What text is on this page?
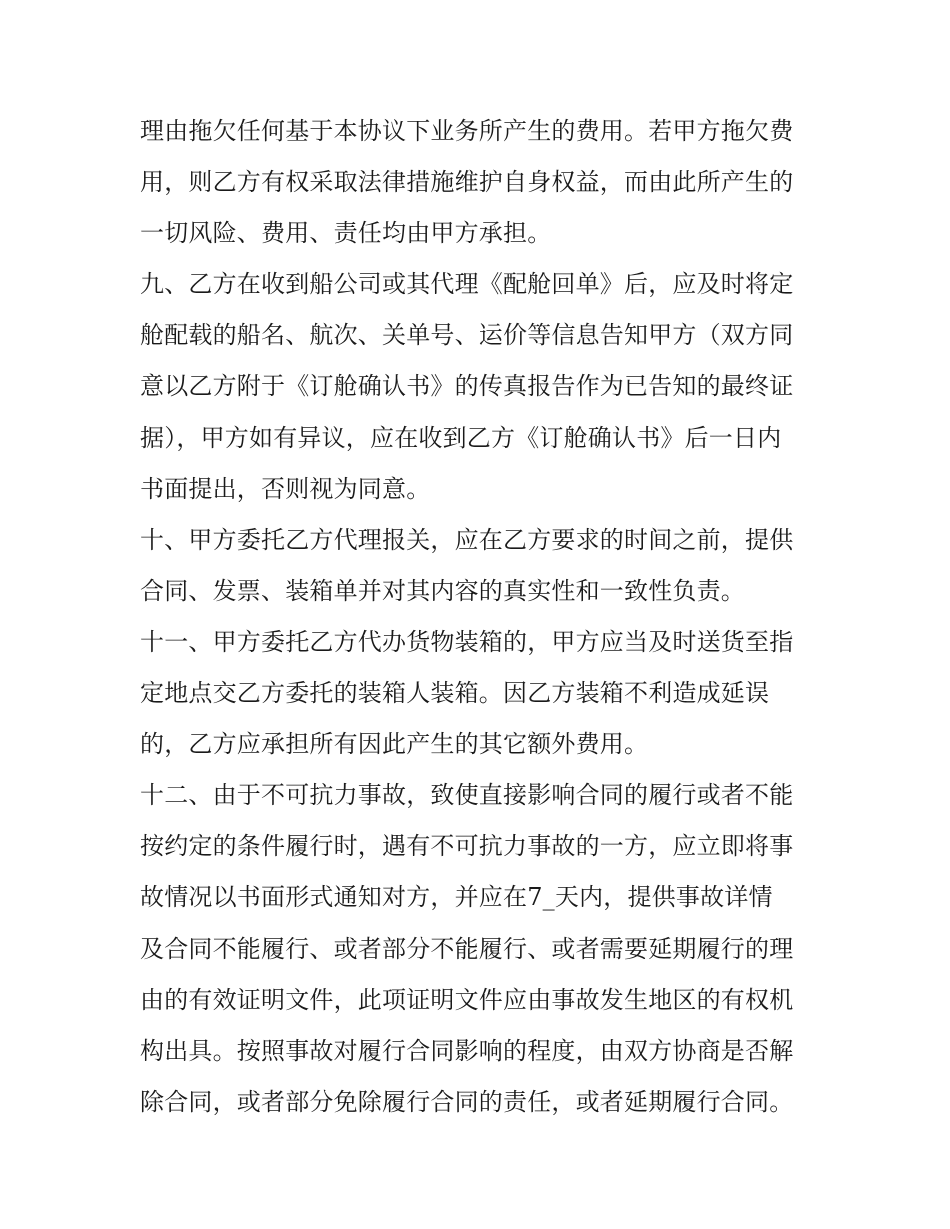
理由拖欠任何基于本协议下业务所产生的费用。若甲方拖欠费
用，则乙方有权采取法律措施维护自身权益，而由此所产生的
一切风险、费用、责任均由甲方承担。
九、乙方在收到船公司或其代理《配舱回单》后，应及时将定
舱配载的船名、航次、关单号、运价等信息告知甲方（双方同
意以乙方附于《订舱确认书》的传真报告作为已告知的最终证
据），甲方如有异议，应在收到乙方《订舱确认书》后一日内
书面提出，否则视为同意。
十、甲方委托乙方代理报关，应在乙方要求的时间之前，提供
合同、发票、装箱单并对其内容的真实性和一致性负责。
十一、甲方委托乙方代办货物装箱的，甲方应当及时送货至指
定地点交乙方委托的装箱人装箱。因乙方装箱不利造成延误
的，乙方应承担所有因此产生的其它额外费用。
十二、由于不可抗力事故，致使直接影响合同的履行或者不能
按约定的条件履行时，遇有不可抗力事故的一方，应立即将事
故情况以书面形式通知对方，并应在7_天内，提供事故详情
及合同不能履行、或者部分不能履行、或者需要延期履行的理
由的有效证明文件，此项证明文件应由事故发生地区的有权机
构出具。按照事故对履行合同影响的程度，由双方协商是否解
除合同，或者部分免除履行合同的责任，或者延期履行合同。
